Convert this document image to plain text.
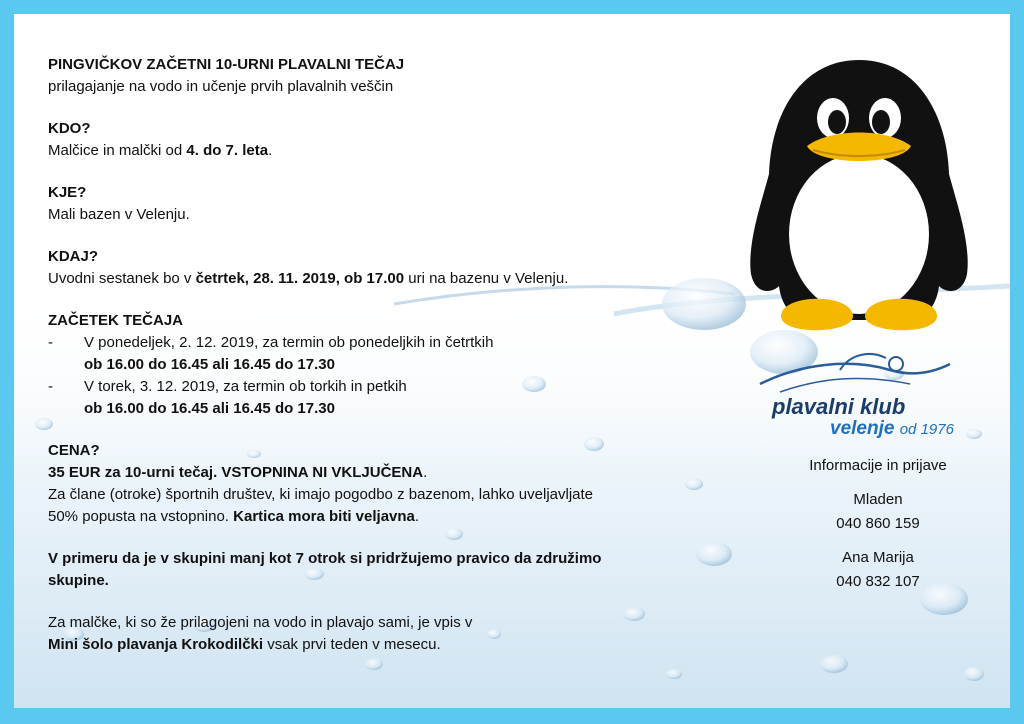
PINGVIČKOV ZAČETNI 10-URNI PLAVALNI TEČAJ
prilagajanje na vodo in učenje prvih plavalnih veščin
KDO?
Malčice in malčki od 4. do 7. leta.
KJE?
Mali bazen v Velenju.
KDAJ?
Uvodni sestanek bo v četrtek, 28. 11. 2019, ob 17.00 uri na bazenu v Velenju.
ZAČETEK TEČAJA
- V ponedeljek, 2. 12. 2019, za termin ob ponedeljkih in četrtkih
ob 16.00 do 16.45 ali 16.45 do 17.30
- V torek, 3. 12. 2019, za termin ob torkih in petkih
ob 16.00 do 16.45 ali 16.45 do 17.30
CENA?
35 EUR za 10-urni tečaj. VSTOPNINA NI VKLJUČENA.
Za člane (otroke) športnih društev, ki imajo pogodbo z bazenom, lahko uveljavljate
50% popusta na vstopnino. Kartica mora biti veljavna.
V primeru da je v skupini manj kot 7 otrok si pridržujemo pravico da združimo
skupine.
Za malčke, ki so že prilagojeni na vodo in plavajo sami, je vpis v
Mini šolo plavanja Krokodilčki vsak prvi teden v mesecu.
plavalni klub
velenje od 1976
Informacije in prijave
Mladen
040 860 159
Ana Marija
040 832 107
